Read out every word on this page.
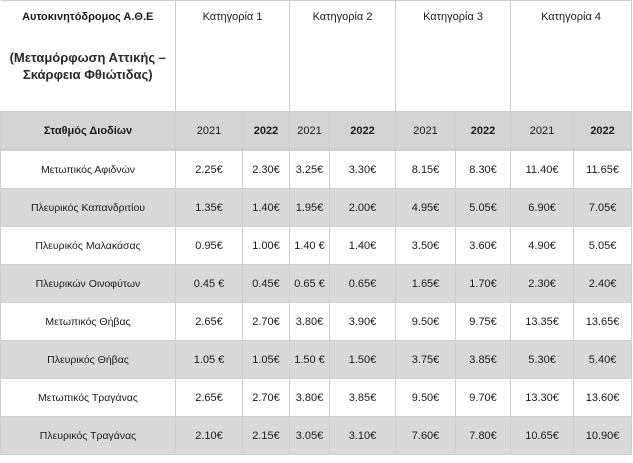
Αυτοκινητόδρομος Α.Θ.Ε
(Μεταμόρφωση Αττικής – Σκάρφεια Φθιώτιδας)	Κατηγορία 1		Κατηγορία 2		Κατηγορία 3		Κατηγορία 4	
Σταθμός Διοδίων	2021	2022	2021	2022	2021	2022	2021	2022
Μετωπικός Αφιδνών	2.25€	2.30€	3.25€	3.30€	8.15€	8.30€	11.40€	11.65€
Πλευρικός Καπανδριτίου	1.35€	1.40€	1.95€	2.00€	4.95€	5.05€	6.90€	7.05€
Πλευρικός Μαλακάσας	0.95€	1.00€	1.40 €	1.40€	3.50€	3.60€	4.90€	5.05€
Πλευρικών Οινοφύτων	0.45 €	0.45€	0.65 €	0.65€	1.65€	1.70€	2.30€	2.40€
Μετωπικός Θήβας	2.65€	2.70€	3.80€	3.90€	9.50€	9.75€	13.35€	13.65€
Πλευρικός Θήβας	1.05 €	1.05€	1.50 €	1.50€	3.75€	3.85€	5.30€	5.40€
Μετωπικός Τραγάνας	2.65€	2.70€	3.80€	3.85€	9.50€	9.70€	13.30€	13.60€
Πλευρικός Τραγάνας	2.10€	2.15€	3.05€	3.10€	7.60€	7.80€	10.65€	10.90€
